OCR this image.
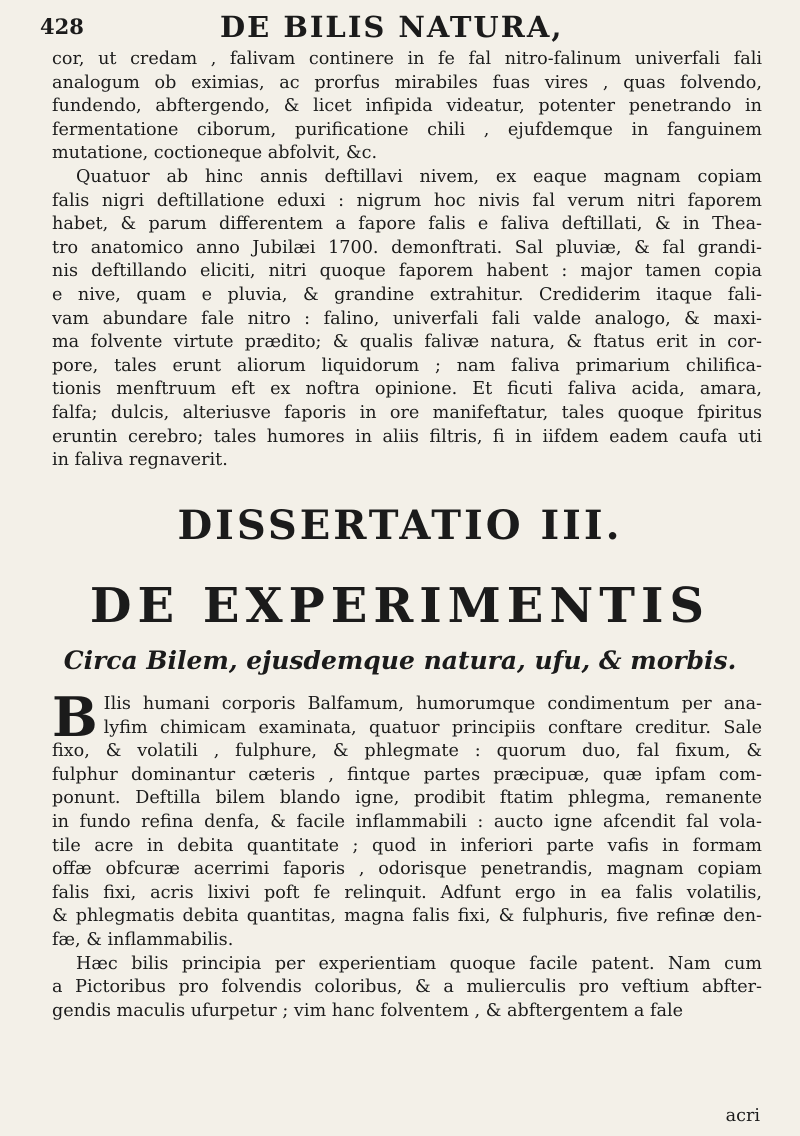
428	DE BILIS NATURA,
cor, ut credam , falivam continere in fe fal nitro-falinum univerfali fali
analogum ob eximias, ac prorfus mirabiles fuas vires , quas folvendo,
fundendo, abftergendo, & licet infipida videatur, potenter penetrando in
fermentatione ciborum, purificatione chili , ejufdemque in fanguinem
mutatione, coctioneque abfolvit, &c.
Quatuor ab hinc annis deftillavi nivem, ex eaque magnam copiam
falis nigri deftillatione eduxi : nigrum hoc nivis fal verum nitri faporem
habet, & parum differentem a fapore falis e faliva deftillati, & in Thea-
tro anatomico anno Jubilæi 1700. demonftrati. Sal pluviæ, & fal grandi-
nis deftillando eliciti, nitri quoque faporem habent : major tamen copia
e nive, quam e pluvia, & grandine extrahitur. Crediderim itaque fali-
vam abundare fale nitro : falino, univerfali fali valde analogo, & maxi-
ma folvente virtute prædito; & qualis falivæ natura, & ftatus erit in cor-
pore, tales erunt aliorum liquidorum ; nam faliva primarium chilifica-
tionis menftruum eft ex noftra opinione. Et ficuti faliva acida, amara,
falfa; dulcis, alteriusve faporis in ore manifeftatur, tales quoque fpiritus
eruntin cerebro; tales humores in aliis filtris, fi in iifdem eadem caufa uti
in faliva regnaverit.
DISSERTATIO III.
DE EXPERIMENTIS
Circa Bilem, ejusdemque natura, ufu, & morbis.
B Ilis humani corporis Balfamum, humorumque condimentum per ana-
lyfim chimicam examinata, quatuor principiis conftare creditur. Sale
fixo, & volatili , fulphure, & phlegmate : quorum duo, fal fixum, &
fulphur dominantur cæteris , fintque partes præcipuæ, quæ ipfam com-
ponunt. Deftilla bilem blando igne, prodibit ftatim phlegma, remanente
in fundo refina denfa, & facile inflammabili : aucto igne afcendit fal vola-
tile acre in debita quantitate ; quod in inferiori parte vafis in formam
offæ obfcuræ acerrimi faporis , odorisque penetrandis, magnam copiam
falis fixi, acris lixivi poft fe relinquit. Adfunt ergo in ea falis volatilis,
& phlegmatis debita quantitas, magna falis fixi, & fulphuris, five refinæ den-
fæ, & inflammabilis.
Hæc bilis principia per experientiam quoque facile patent. Nam cum
a Pictoribus pro folvendis coloribus, & a mulierculis pro veftium abfter-
gendis maculis ufurpetur ; vim hanc folventem , & abftergentem a fale
acri
